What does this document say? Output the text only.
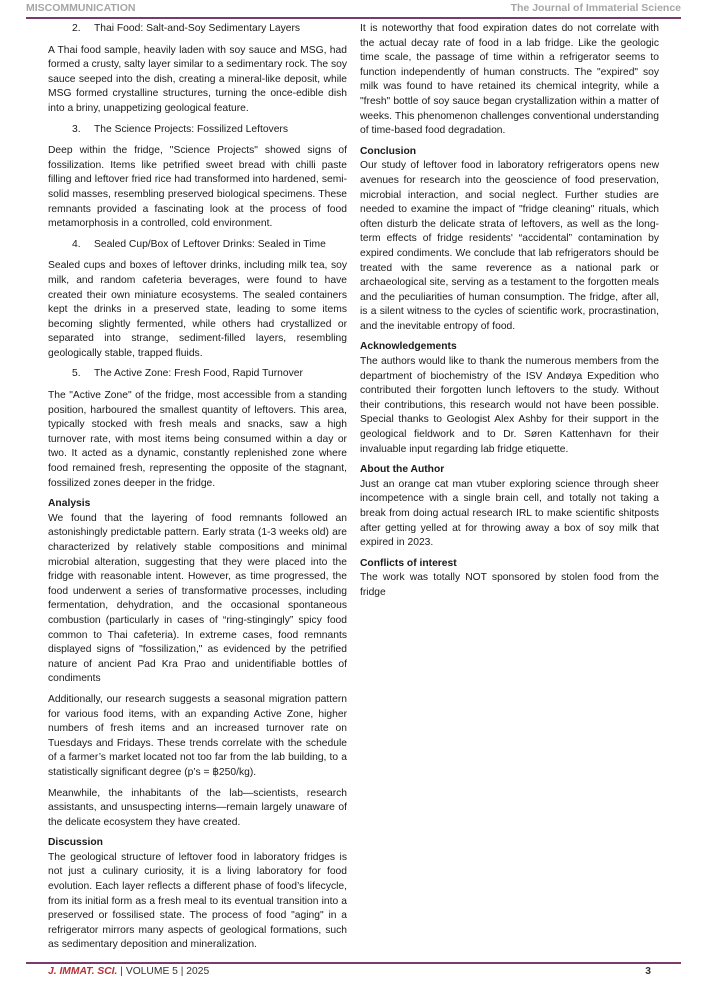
MISCOMMUNICATION	The Journal of Immaterial Science
2.	Thai Food: Salt-and-Soy Sedimentary Layers

A Thai food sample, heavily laden with soy sauce and MSG, had formed a crusty, salty layer similar to a sedimentary rock. The soy sauce seeped into the dish, creating a mineral-like deposit, while MSG formed crystalline structures, turning the once-edible dish into a briny, unappetizing geological feature.

3.	The Science Projects: Fossilized Leftovers

Deep within the fridge, "Science Projects" showed signs of fossilization. Items like petrified sweet bread with chilli paste filling and leftover fried rice had transformed into hardened, semi-solid masses, resembling preserved biological specimens. These remnants provided a fascinating look at the process of food metamorphosis in a controlled, cold environment.

4.	Sealed Cup/Box of Leftover Drinks: Sealed in Time

Sealed cups and boxes of leftover drinks, including milk tea, soy milk, and random cafeteria beverages, were found to have created their own miniature ecosystems. The sealed containers kept the drinks in a preserved state, leading to some items becoming slightly fermented, while others had crystallized or separated into strange, sediment-filled layers, resembling geologically stable, trapped fluids.

5.	The Active Zone: Fresh Food, Rapid Turnover

The "Active Zone" of the fridge, most accessible from a standing position, harboured the smallest quantity of leftovers. This area, typically stocked with fresh meals and snacks, saw a high turnover rate, with most items being consumed within a day or two. It acted as a dynamic, constantly replenished zone where food remained fresh, representing the opposite of the stagnant, fossilized zones deeper in the fridge.

Analysis

We found that the layering of food remnants followed an astonishingly predictable pattern. Early strata (1-3 weeks old) are characterized by relatively stable compositions and minimal microbial alteration, suggesting that they were placed into the fridge with reasonable intent. However, as time progressed, the food underwent a series of transformative processes, including fermentation, dehydration, and the occasional spontaneous combustion (particularly in cases of “ring-stingingly” spicy food common to Thai cafeteria). In extreme cases, food remnants displayed signs of "fossilization," as evidenced by the petrified nature of ancient Pad Kra Prao and unidentifiable bottles of condiments

Additionally, our research suggests a seasonal migration pattern for various food items, with an expanding Active Zone, higher numbers of fresh items and an increased turnover rate on Tuesdays and Fridays. These trends correlate with the schedule of a farmer’s market located not too far from the lab building, to a statistically significant degree (p’s = ฿250/kg).

Meanwhile, the inhabitants of the lab—scientists, research assistants, and unsuspecting interns—remain largely unaware of the delicate ecosystem they have created.

Discussion

The geological structure of leftover food in laboratory fridges is not just a culinary curiosity, it is a living laboratory for food evolution. Each layer reflects a different phase of food’s lifecycle, from its initial form as a fresh meal to its eventual transition into a preserved or fossilised state. The process of food "aging" in a refrigerator mirrors many aspects of geological formations, such as sedimentary deposition and mineralization.

It is noteworthy that food expiration dates do not correlate with the actual decay rate of food in a lab fridge. Like the geologic time scale, the passage of time within a refrigerator seems to function independently of human constructs. The "expired" soy milk was found to have retained its chemical integrity, while a "fresh" bottle of soy sauce began crystallization within a matter of weeks. This phenomenon challenges conventional understanding of time-based food degradation.

Conclusion

Our study of leftover food in laboratory refrigerators opens new avenues for research into the geoscience of food preservation, microbial interaction, and social neglect. Further studies are needed to examine the impact of "fridge cleaning" rituals, which often disturb the delicate strata of leftovers, as well as the long-term effects of fridge residents' “accidental” contamination by expired condiments. We conclude that lab refrigerators should be treated with the same reverence as a national park or archaeological site, serving as a testament to the forgotten meals and the peculiarities of human consumption. The fridge, after all, is a silent witness to the cycles of scientific work, procrastination, and the inevitable entropy of food.

Acknowledgements

The authors would like to thank the numerous members from the department of biochemistry of the ISV Andøya Expedition who contributed their forgotten lunch leftovers to the study. Without their contributions, this research would not have been possible. Special thanks to Geologist Alex Ashby for their support in the geological fieldwork and to Dr. Søren Kattenhavn for their invaluable input regarding lab fridge etiquette.

About the Author

Just an orange cat man vtuber exploring science through sheer incompetence with a single brain cell, and totally not taking a break from doing actual research IRL to make scientific shitposts after getting yelled at for throwing away a box of soy milk that expired in 2023.

Conflicts of interest

The work was totally NOT sponsored by stolen food from the fridge

J. IMMAT. SCI. | VOLUME 5 | 2025	3
